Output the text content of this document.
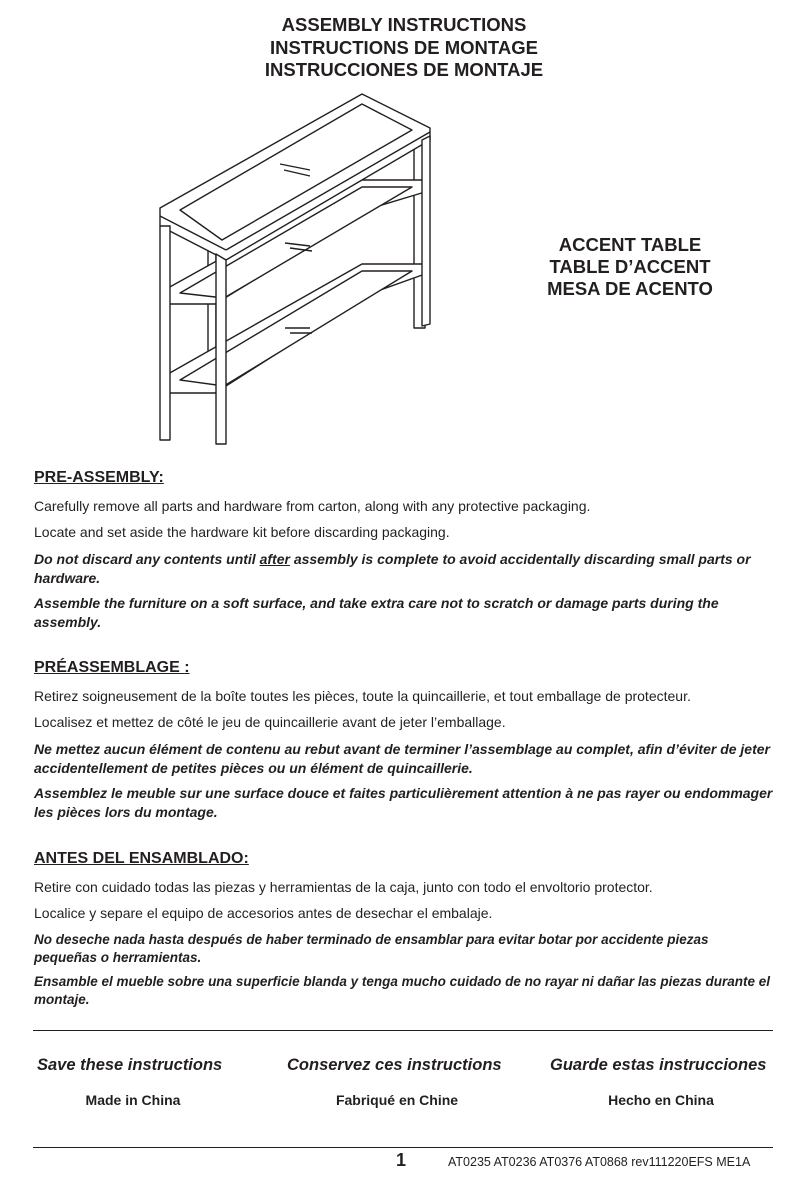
ASSEMBLY INSTRUCTIONS
INSTRUCTIONS DE MONTAGE
INSTRUCCIONES DE MONTAJE
ACCENT TABLE
TABLE D’ACCENT
MESA DE ACENTO
PRE-ASSEMBLY:
Carefully remove all parts and hardware from carton, along with any protective packaging.
Locate and set aside the hardware kit before discarding packaging.
Do not discard any contents until after assembly is complete to avoid accidentally discarding small parts or hardware.
Assemble the furniture on a soft surface, and take extra care not to scratch or damage parts during the assembly.
PRÉASSEMBLAGE :
Retirez soigneusement de la boîte toutes les pièces, toute la quincaillerie, et tout emballage de protecteur.
Localisez et mettez de côté le jeu de quincaillerie avant de jeter l’emballage.
Ne mettez aucun élément de contenu au rebut avant de terminer l’assemblage au complet, afin d’éviter de jeter accidentellement de petites pièces ou un élément de quincaillerie.
Assemblez le meuble sur une surface douce et faites particulièrement attention à ne pas rayer ou endommager les pièces lors du montage.
ANTES DEL ENSAMBLADO:
Retire con cuidado todas las piezas y herramientas de la caja, junto con todo el envoltorio protector.
Localice y separe el equipo de accesorios antes de desechar el embalaje.
No deseche nada hasta después de haber terminado de ensamblar para evitar botar por accidente piezas pequeñas o herramientas.
Ensamble el mueble sobre una superficie blanda y tenga mucho cuidado de no rayar ni dañar las piezas durante el montaje.
Save these instructions	Conservez ces instructions	Guarde estas instrucciones
Made in China	Fabriqué en Chine	Hecho en China
1	AT0235 AT0236 AT0376 AT0868 rev111220EFS ME1A
